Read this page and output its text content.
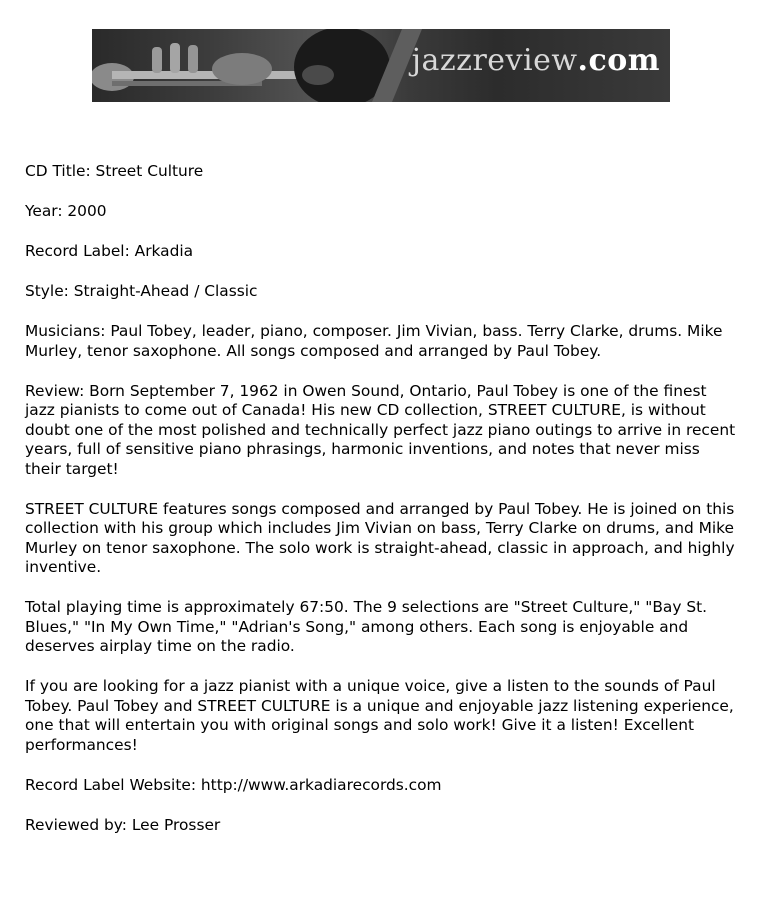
jazzreview.com

CD Title: Street Culture

Year: 2000

Record Label: Arkadia

Style: Straight-Ahead / Classic

Musicians: Paul Tobey, leader, piano, composer. Jim Vivian, bass. Terry Clarke, drums. Mike Murley, tenor saxophone. All songs composed and arranged by Paul Tobey.

Review: Born September 7, 1962 in Owen Sound, Ontario, Paul Tobey is one of the finest jazz pianists to come out of Canada! His new CD collection, STREET CULTURE, is without doubt one of the most polished and technically perfect jazz piano outings to arrive in recent years, full of sensitive piano phrasings, harmonic inventions, and notes that never miss their target!

STREET CULTURE features songs composed and arranged by Paul Tobey. He is joined on this collection with his group which includes Jim Vivian on bass, Terry Clarke on drums, and Mike Murley on tenor saxophone. The solo work is straight-ahead, classic in approach, and highly inventive.

Total playing time is approximately 67:50. The 9 selections are "Street Culture," "Bay St. Blues," "In My Own Time," "Adrian's Song," among others. Each song is enjoyable and deserves airplay time on the radio.

If you are looking for a jazz pianist with a unique voice, give a listen to the sounds of Paul Tobey. Paul Tobey and STREET CULTURE is a unique and enjoyable jazz listening experience, one that will entertain you with original songs and solo work! Give it a listen! Excellent performances!

Record Label Website: http://www.arkadiarecords.com

Reviewed by: Lee Prosser
